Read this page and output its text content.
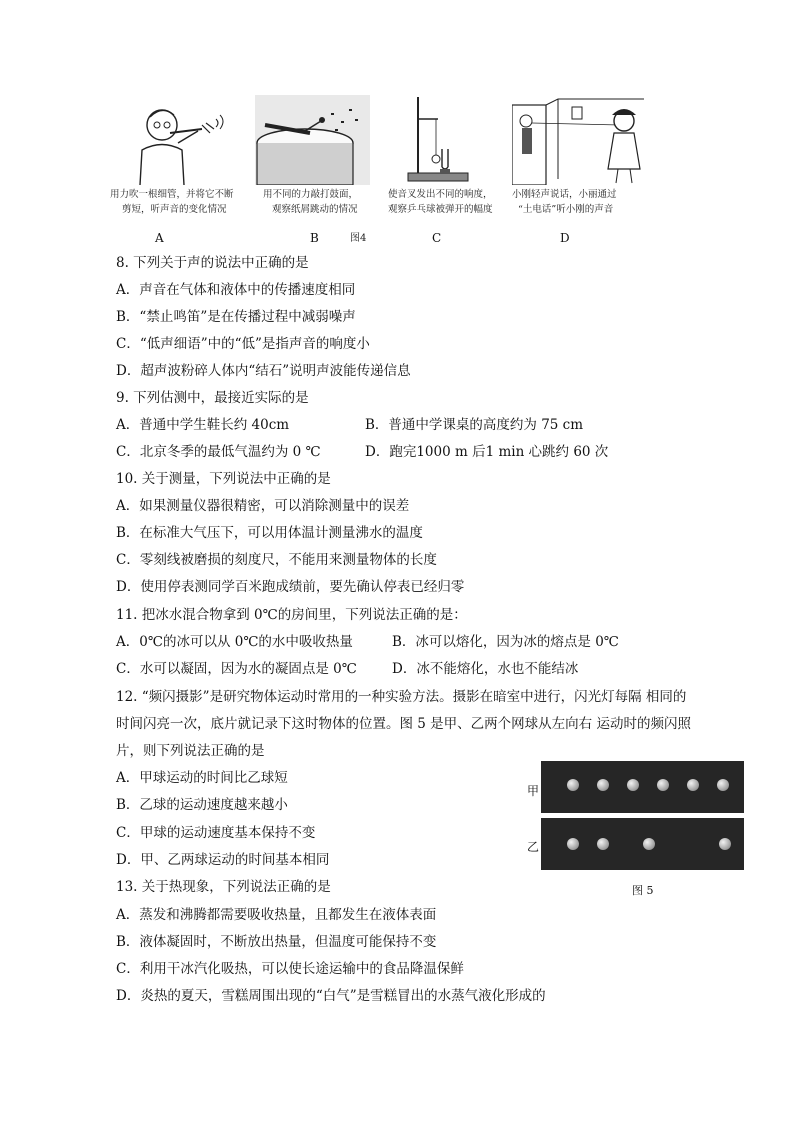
用力吹一根细管，并将它不断
剪短，听声音的变化情况
A
用不同的力敲打鼓面，
观察纸屑跳动的情况
B
使音叉发出不同的响度，
观察乒乓球被弹开的幅度
C
小刚轻声说话，小丽通过
“土电话”听小刚的声音
D
图4
8. 下列关于声的说法中正确的是
A．声音在气体和液体中的传播速度相同
B．“禁止鸣笛”是在传播过程中减弱噪声
C．“低声细语”中的“低”是指声音的响度小
D．超声波粉碎人体内“结石”说明声波能传递信息
9. 下列估测中，最接近实际的是
A．普通中学生鞋长约 40cm	B．普通中学课桌的高度约为 75 cm
C．北京冬季的最低气温约为 0 ℃	D．跑完1000 m 后1 min 心跳约 60 次
10. 关于测量，下列说法中正确的是
A．如果测量仪器很精密，可以消除测量中的误差
B．在标准大气压下，可以用体温计测量沸水的温度
C．零刻线被磨损的刻度尺，不能用来测量物体的长度
D．使用停表测同学百米跑成绩前，要先确认停表已经归零
11. 把冰水混合物拿到 0℃的房间里，下列说法正确的是：
A．0℃的冰可以从 0℃的水中吸收热量	B．冰可以熔化，因为冰的熔点是 0℃
C．水可以凝固，因为水的凝固点是 0℃	D．冰不能熔化，水也不能结冰
12. “频闪摄影”是研究物体运动时常用的一种实验方法。摄影在暗室中进行，闪光灯每隔 相同的时间闪亮一次，底片就记录下这时物体的位置。图 5 是甲、乙两个网球从左向右 运动时的频闪照片，则下列说法正确的是
A．甲球运动的时间比乙球短
B．乙球的运动速度越来越小
C．甲球的运动速度基本保持不变
D．甲、乙两球运动的时间基本相同
甲
乙
图 5
13. 关于热现象，下列说法正确的是
A．蒸发和沸腾都需要吸收热量，且都发生在液体表面
B．液体凝固时，不断放出热量，但温度可能保持不变
C．利用干冰汽化吸热，可以使长途运输中的食品降温保鲜
D．炎热的夏天，雪糕周围出现的“白气”是雪糕冒出的水蒸气液化形成的
